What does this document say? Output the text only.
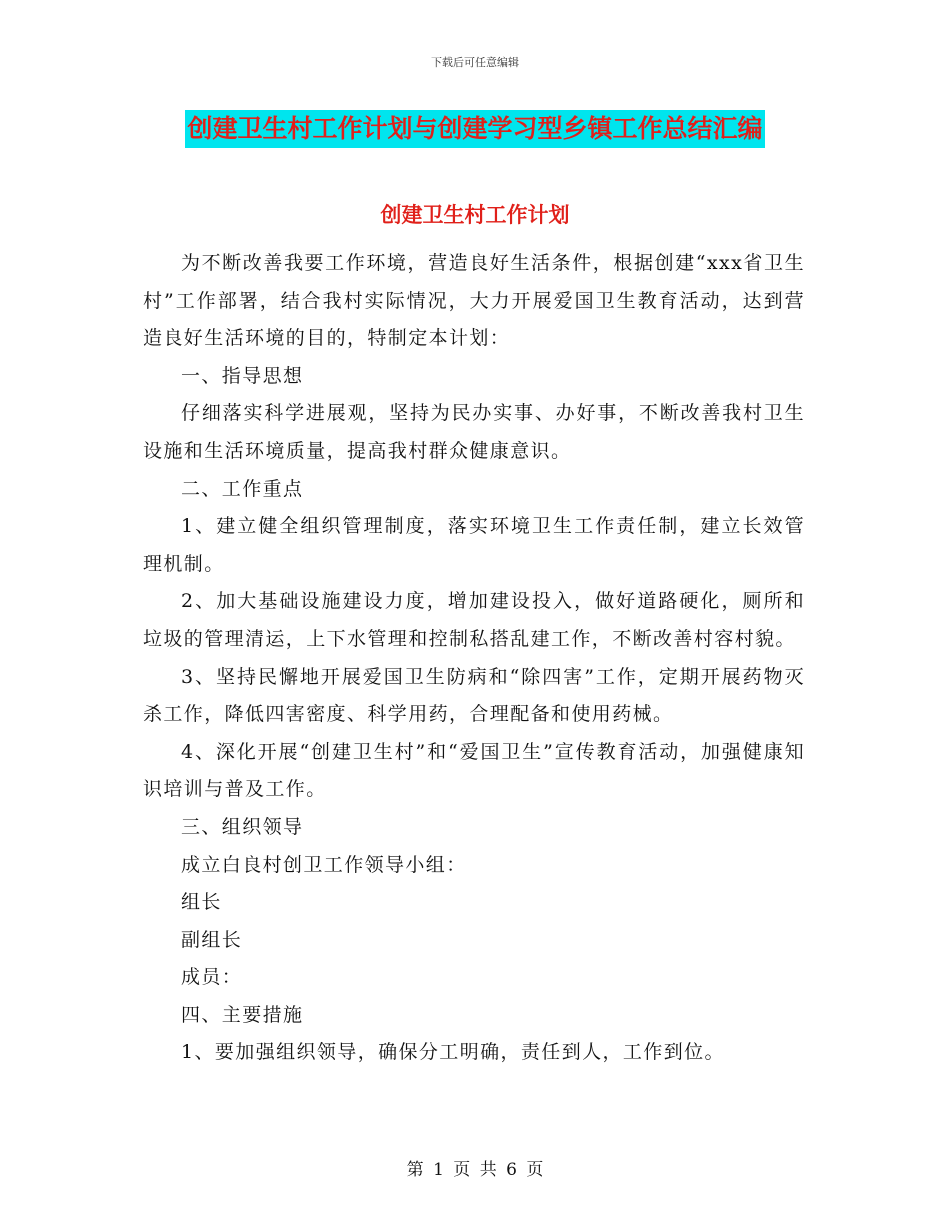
下载后可任意编辑
创建卫生村工作计划与创建学习型乡镇工作总结汇编
创建卫生村工作计划

为不断改善我要工作环境，营造良好生活条件，根据创建“xxx省卫生村”工作部署，结合我村实际情况，大力开展爱国卫生教育活动，达到营造良好生活环境的目的，特制定本计划：

一、指导思想

仔细落实科学进展观，坚持为民办实事、办好事，不断改善我村卫生设施和生活环境质量，提高我村群众健康意识。

二、工作重点

1、建立健全组织管理制度，落实环境卫生工作责任制，建立长效管理机制。

2、加大基础设施建设力度，增加建设投入，做好道路硬化，厕所和垃圾的管理清运，上下水管理和控制私搭乱建工作，不断改善村容村貌。

3、坚持民懈地开展爱国卫生防病和“除四害”工作，定期开展药物灭杀工作，降低四害密度、科学用药，合理配备和使用药械。

4、深化开展“创建卫生村”和“爱国卫生”宣传教育活动，加强健康知识培训与普及工作。

三、组织领导

成立白良村创卫工作领导小组：

组长

副组长

成员：

四、主要措施

1、要加强组织领导，确保分工明确，责任到人，工作到位。

第 1 页 共 6 页
